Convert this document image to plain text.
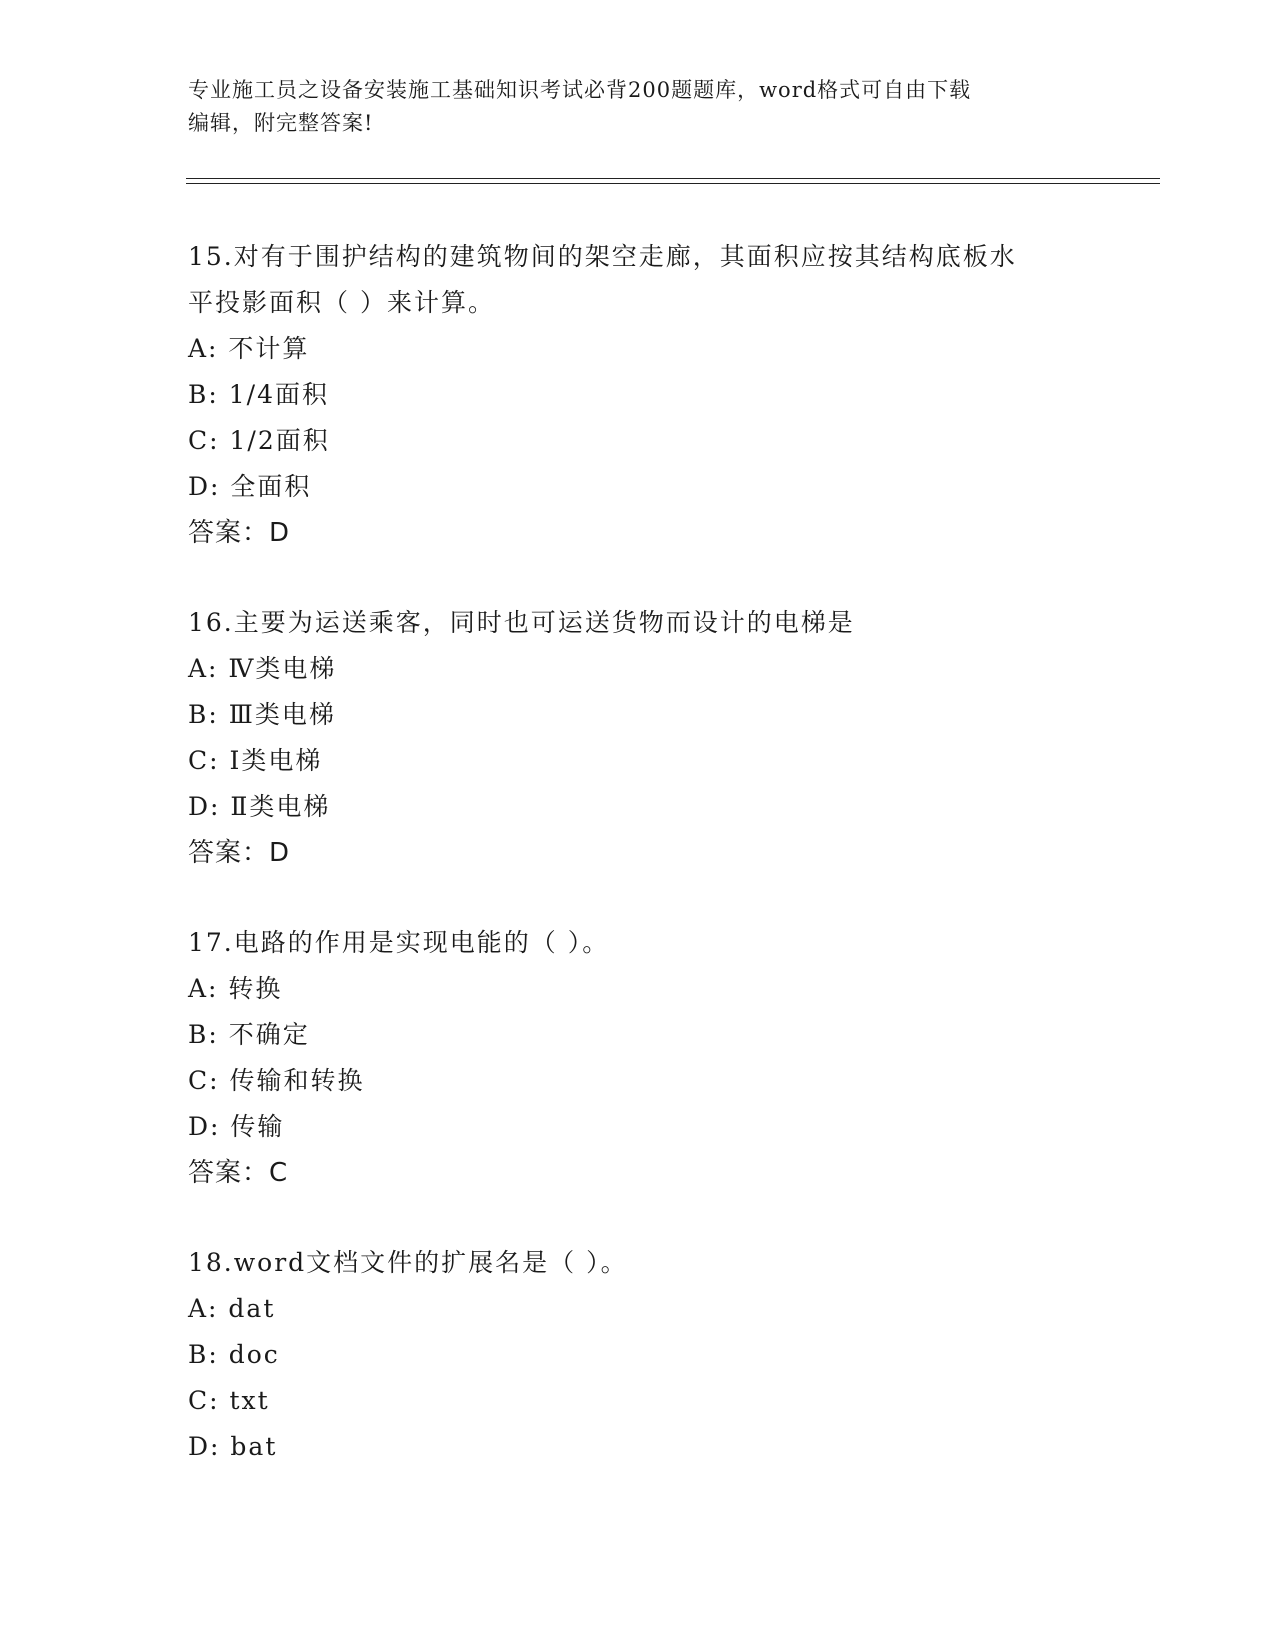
专业施工员之设备安装施工基础知识考试必背200题题库，word格式可自由下载
编辑，附完整答案!
15.对有于围护结构的建筑物间的架空走廊，其面积应按其结构底板水
平投影面积（ ）来计算。
A: 不计算
B: 1/4面积
C: 1/2面积
D: 全面积
答案：D
16.主要为运送乘客，同时也可运送货物而设计的电梯是
A: Ⅳ类电梯
B: Ⅲ类电梯
C: Ⅰ类电梯
D: Ⅱ类电梯
答案：D
17.电路的作用是实现电能的（ ）。
A: 转换
B: 不确定
C: 传输和转换
D: 传输
答案：C
18.word文档文件的扩展名是（ ）。
A: dat
B: doc
C: txt
D: bat
